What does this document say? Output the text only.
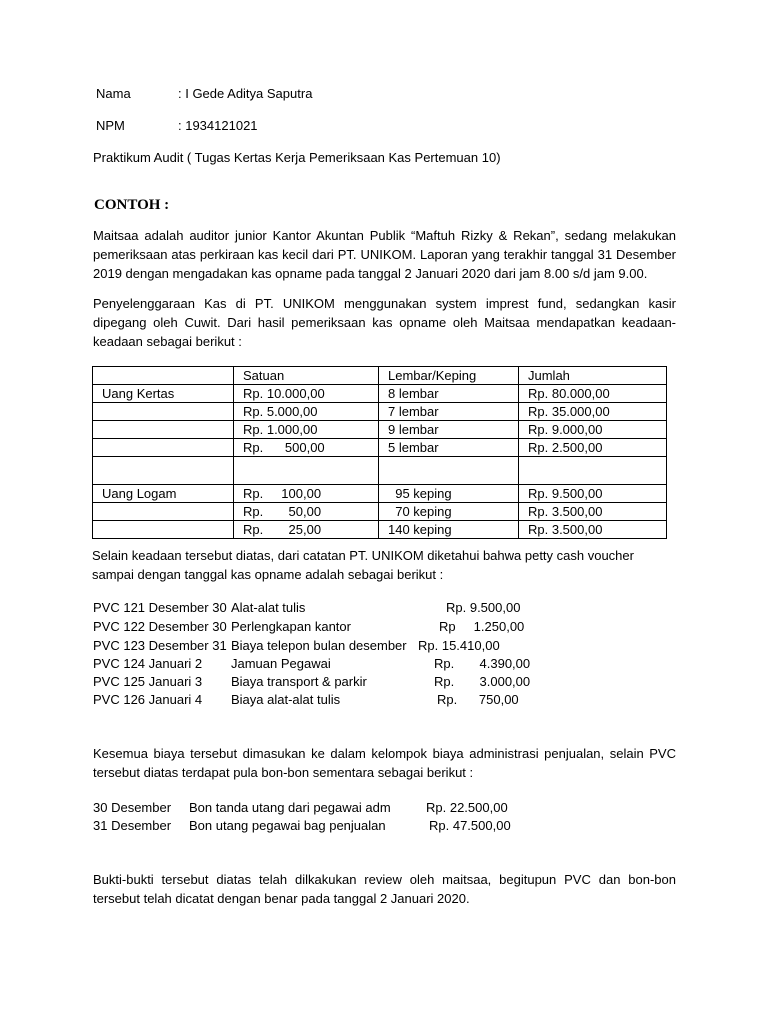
Nama	: I Gede Aditya Saputra
NPM	: 1934121021
Praktikum Audit ( Tugas Kertas Kerja Pemeriksaan Kas Pertemuan 10)
CONTOH :

Maitsaa adalah auditor junior Kantor Akuntan Publik “Maftuh Rizky & Rekan”, sedang melakukan pemeriksaan atas perkiraan kas kecil dari PT. UNIKOM. Laporan yang terakhir tanggal 31 Desember 2019 dengan mengadakan kas opname pada tanggal 2 Januari 2020 dari jam 8.00 s/d jam 9.00.

Penyelenggaraan Kas di PT. UNIKOM menggunakan system imprest fund, sedangkan kasir dipegang oleh Cuwit. Dari hasil pemeriksaan kas opname oleh Maitsaa mendapatkan keadaan-keadaan sebagai berikut :

	Satuan	Lembar/Keping	Jumlah
Uang Kertas	Rp. 10.000,00	8 lembar	Rp. 80.000,00
	Rp. 5.000,00	7 lembar	Rp. 35.000,00
	Rp. 1.000,00	9 lembar	Rp. 9.000,00
	Rp.      500,00	5 lembar	Rp. 2.500,00

Uang Logam	Rp.     100,00	95 keping	Rp. 9.500,00
	Rp.       50,00	70 keping	Rp. 3.500,00
	Rp.       25,00	140 keping	Rp. 3.500,00

Selain keadaan tersebut diatas, dari catatan PT. UNIKOM diketahui bahwa petty cash voucher sampai dengan tanggal kas opname adalah sebagai berikut :

PVC 121 Desember 30 Alat-alat tulis	Rp. 9.500,00
PVC 122 Desember 30 Perlengkapan kantor	Rp     1.250,00
PVC 123 Desember 31 Biaya telepon bulan desember Rp. 15.410,00
PVC 124 Januari 2 Jamuan Pegawai	Rp.       4.390,00
PVC 125 Januari 3 Biaya transport & parkir	Rp.       3.000,00
PVC 126 Januari 4 Biaya alat-alat tulis	Rp.      750,00

Kesemua biaya tersebut dimasukan ke dalam kelompok biaya administrasi penjualan, selain PVC tersebut diatas terdapat pula bon-bon sementara sebagai berikut :

30 Desember Bon tanda utang dari pegawai adm	Rp. 22.500,00
31 Desember Bon utang pegawai bag penjualan	Rp. 47.500,00

Bukti-bukti tersebut diatas telah dilkakukan review oleh maitsaa, begitupun PVC dan bon-bon tersebut telah dicatat dengan benar pada tanggal 2 Januari 2020.
